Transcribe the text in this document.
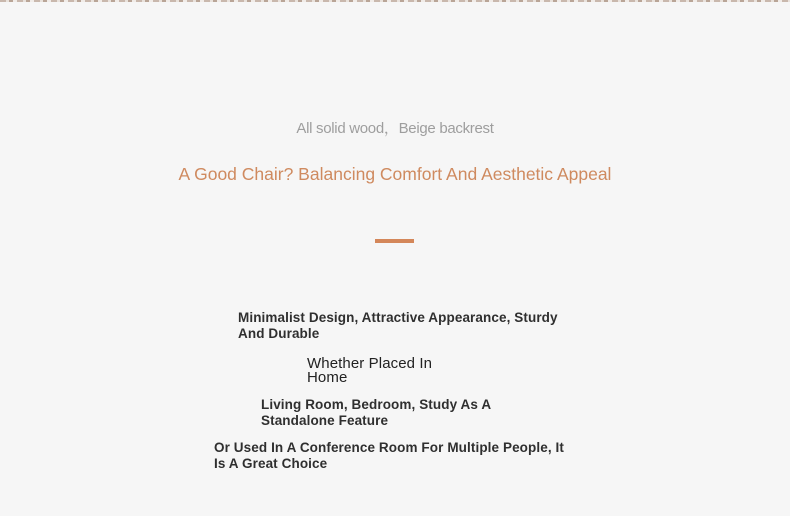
All solid wood，Beige backrest
A Good Chair? Balancing Comfort And Aesthetic Appeal
Minimalist Design, Attractive Appearance, Sturdy And Durable
Whether Placed In Home
Living Room, Bedroom, Study As A Standalone Feature
Or Used In A Conference Room For Multiple People, It Is A Great Choice
